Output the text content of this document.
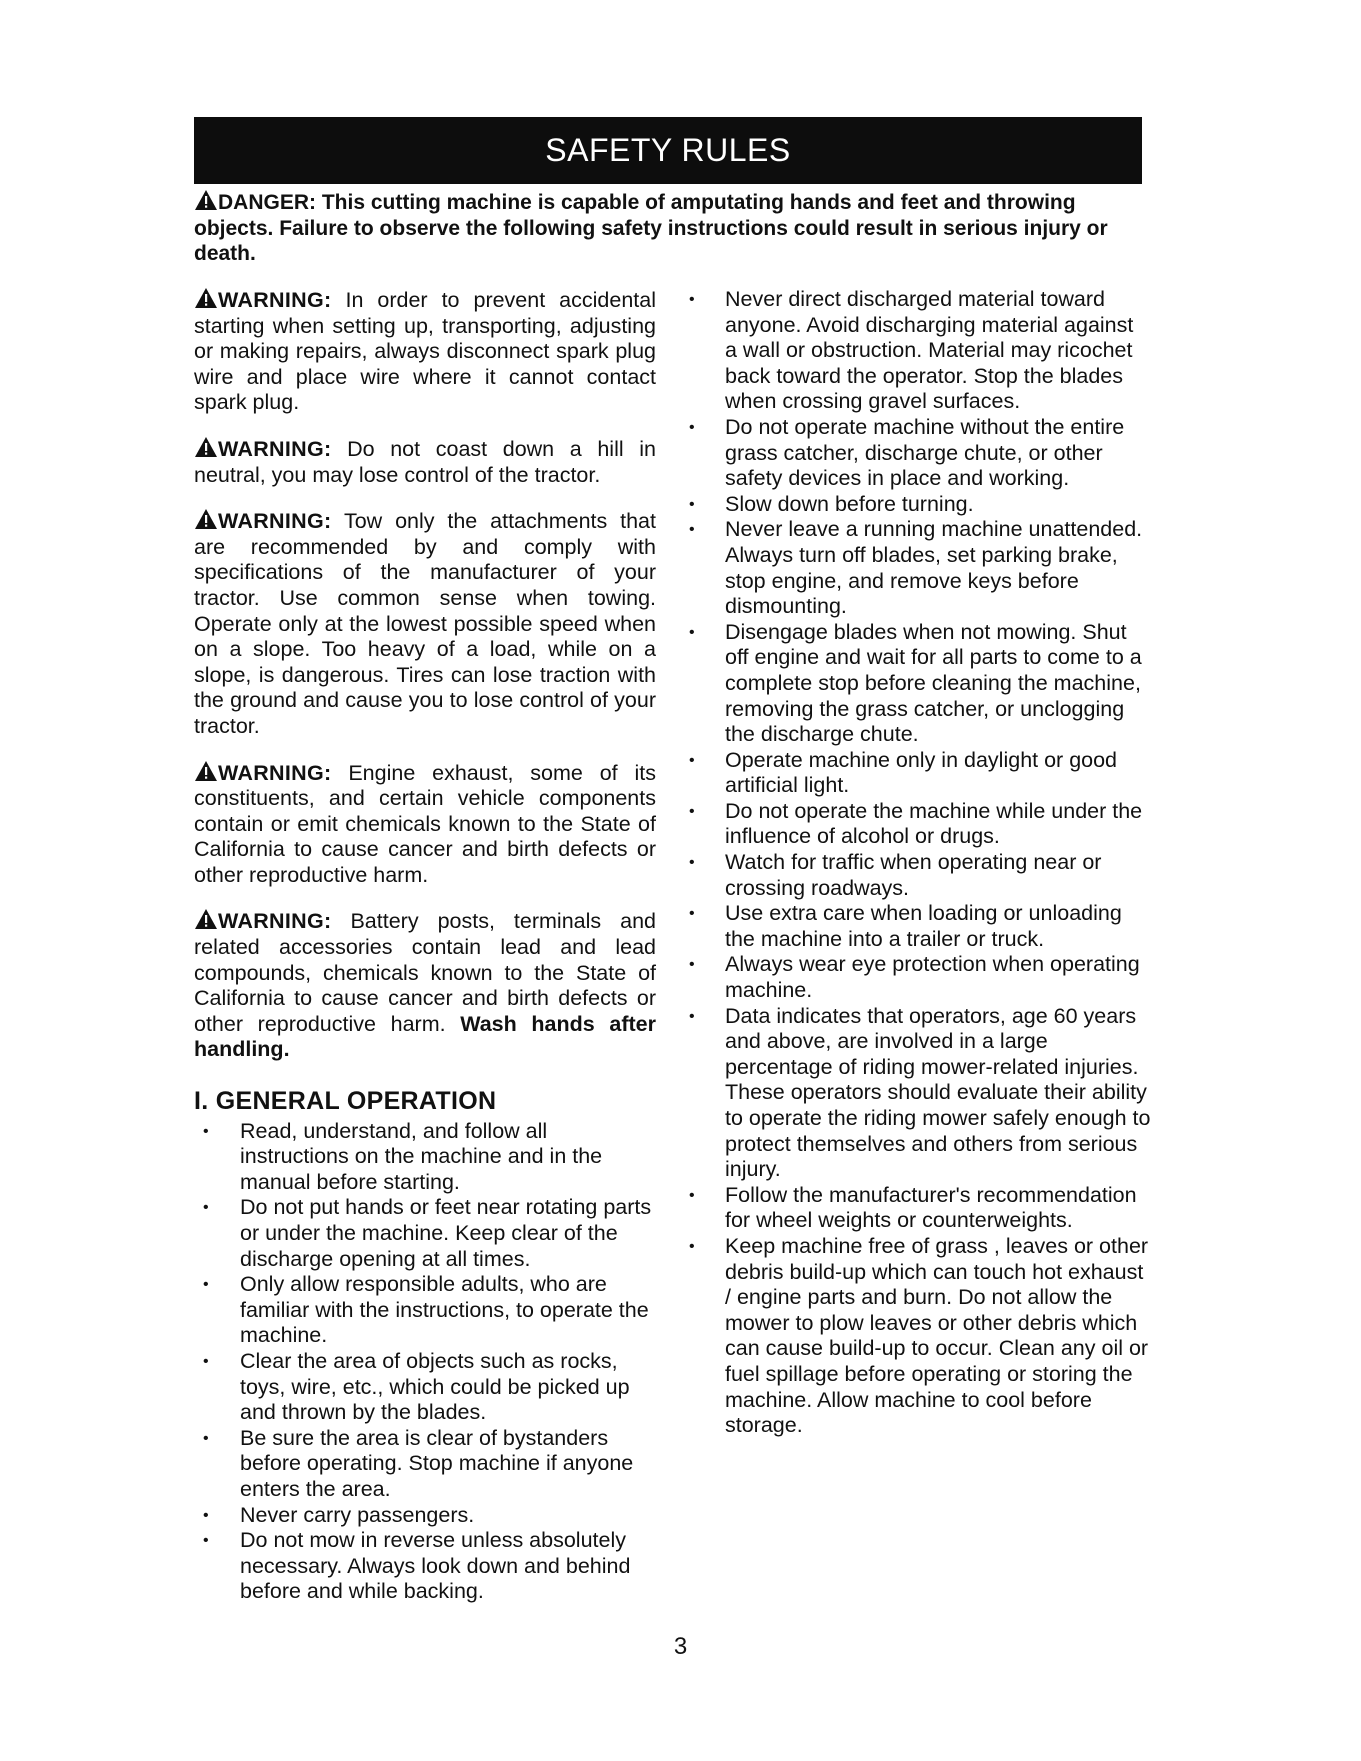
SAFETY RULES
DANGER: This cutting machine is capable of amputating hands and feet and throwing objects. Failure to observe the following safety instructions could result in serious injury or death.

WARNING: In order to prevent accidental starting when setting up, transporting, adjusting or making repairs, always disconnect spark plug wire and place wire where it cannot contact spark plug.

WARNING: Do not coast down a hill in neutral, you may lose control of the tractor.

WARNING: Tow only the attachments that are recommended by and comply with specifications of the manufacturer of your tractor. Use common sense when towing. Operate only at the lowest possible speed when on a slope. Too heavy of a load, while on a slope, is dangerous. Tires can lose traction with the ground and cause you to lose control of your tractor.

WARNING: Engine exhaust, some of its constituents, and certain vehicle components contain or emit chemicals known to the State of California to cause cancer and birth defects or other reproductive harm.

WARNING: Battery posts, terminals and related accessories contain lead and lead compounds, chemicals known to the State of California to cause cancer and birth defects or other reproductive harm. Wash hands after handling.

I. GENERAL OPERATION
• Read, understand, and follow all instructions on the machine and in the manual before starting.
• Do not put hands or feet near rotating parts or under the machine. Keep clear of the discharge opening at all times.
• Only allow responsible adults, who are familiar with the instructions, to operate the machine.
• Clear the area of objects such as rocks, toys, wire, etc., which could be picked up and thrown by the blades.
• Be sure the area is clear of bystanders before operating. Stop machine if anyone enters the area.
• Never carry passengers.
• Do not mow in reverse unless absolutely necessary. Always look down and behind before and while backing.
• Never direct discharged material toward anyone. Avoid discharging material against a wall or obstruction. Material may ricochet back toward the operator. Stop the blades when crossing gravel surfaces.
• Do not operate machine without the entire grass catcher, discharge chute, or other safety devices in place and working.
• Slow down before turning.
• Never leave a running machine unattended. Always turn off blades, set parking brake, stop engine, and remove keys before dismounting.
• Disengage blades when not mowing. Shut off engine and wait for all parts to come to a complete stop before cleaning the machine, removing the grass catcher, or unclogging the discharge chute.
• Operate machine only in daylight or good artificial light.
• Do not operate the machine while under the influence of alcohol or drugs.
• Watch for traffic when operating near or crossing roadways.
• Use extra care when loading or unloading the machine into a trailer or truck.
• Always wear eye protection when operating machine.
• Data indicates that operators, age 60 years and above, are involved in a large percentage of riding mower-related injuries. These operators should evaluate their ability to operate the riding mower safely enough to protect themselves and others from serious injury.
• Follow the manufacturer's recommendation for wheel weights or counterweights.
• Keep machine free of grass , leaves or other debris build-up which can touch hot exhaust / engine parts and burn. Do not allow the mower to plow leaves or other debris which can cause build-up to occur. Clean any oil or fuel spillage before operating or storing the machine. Allow machine to cool before storage.
3
